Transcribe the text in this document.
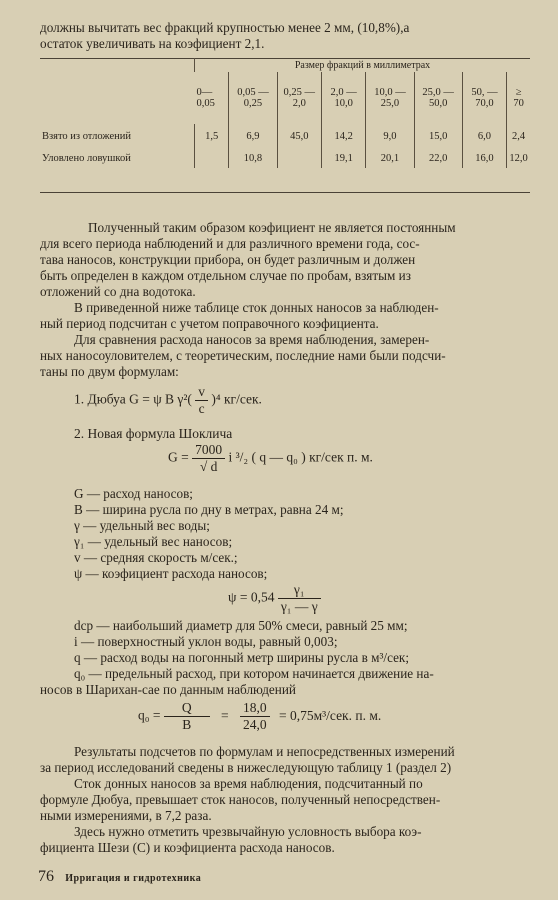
должны вычитать вес фракций крупностью менее 2 мм, (10,8%),а
остаток увеличивать на коэфициент 2,1.
	Размер фракций в миллиметрах							
	0—0,05	0,05 — 0,25	0,25 — 2,0	2,0 — 10,0	10,0 — 25,0	25,0 — 50,0	50, — 70,0	≥ 70
Взято из отложений	1,5	6,9	45,0	14,2	9,0	15,0	6,0	2,4
Уловлено ловушкой		10,8		19,1	20,1	22,0	16,0	12,0
Полученный таким образом коэфициент не является постоянным
для всего периода наблюдений и для различного времени года, сос-
тава наносов, конструкции прибора, он будет различным и должен
быть определен в каждом отдельном случае по пробам, взятым из
отложений со дна водотока.
В приведенной ниже таблице сток донных наносов за наблюден-
ный период подсчитан с учетом поправочного коэфициента.
Для сравнения расхода наносов за время наблюдения, замерен-
ных наносоуловителем, с теоретическим, последние нами были подсчи-
таны по двум формулам:
1. Дюбуа G = ψ B $\gamma^2( \frac{v}{c} )^4$ кг/сек.
2. Новая формула Шоклича
$G = \frac{7000}{√ d}$ i ³/₂ ( q — q₀ ) кг/сек п. м.
G — расход наносов;
B — ширина русла по дну в метрах, равна 24 м;
γ — удельный вес воды;
γ₁ — удельный вес наносов;
v — средняя скорость м/сек.;
ψ — коэфициент расхода наносов;
$\psi = 0,54 \frac{\text{γ₁}}{\text{γ₁ — γ}}$
dср — наибольший диаметр для 50% смеси, равный 25 мм;
i — поверхностный уклон воды, равный 0,003;
q — расход воды на погонный метр ширины русла в м³/сек;
q₀ — предельный расход, при котором начинается движение на-
носов в Шарихан-сае по данным наблюдений
$q_0 = \frac{Q}{B} = \frac{18,0}{24,0} = 0,75м^3/сек$. п. м.
Результаты подсчетов по формулам и непосредственных измерений
за период исследований сведены в нижеследующую таблицу 1 (раздел 2)
Сток донных наносов за время наблюдения, подсчитанный по
формуле Дюбуа, превышает сток наносов, полученный непосредствен-
ными измерениями, в 7,2 раза.
Здесь нужно отметить чрезвычайную условность выбора коэ-
фициента Шези (С) и коэфициента расхода наносов.
76 Ирригация и гидротехника
